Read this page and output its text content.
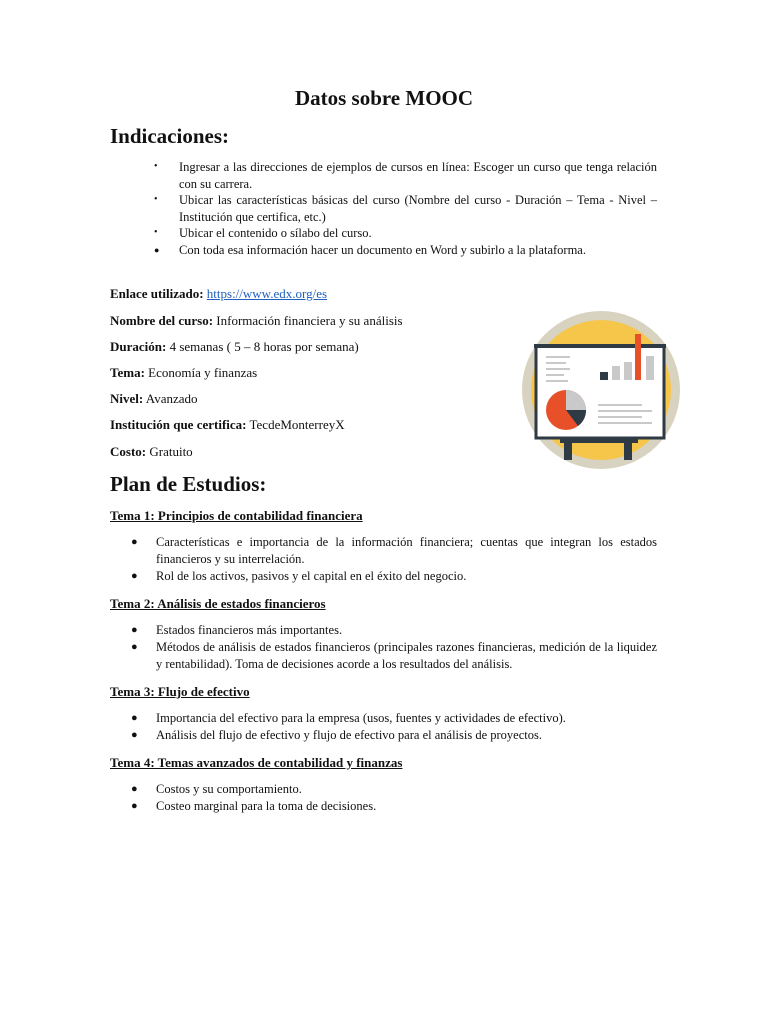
Datos sobre MOOC
Indicaciones:
• Ingresar a las direcciones de ejemplos de cursos en línea: Escoger un curso que tenga relación con su carrera.
• Ubicar las características básicas del curso (Nombre del curso - Duración – Tema - Nivel – Institución que certifica, etc.)
• Ubicar el contenido o sílabo del curso.
● Con toda esa información hacer un documento en Word y subirlo a la plataforma.
Enlace utilizado: https://www.edx.org/es
Nombre del curso: Información financiera y su análisis
Duración: 4 semanas ( 5 – 8 horas por semana)
Tema: Economía y finanzas
Nivel: Avanzado
Institución que certifica: TecdeMonterreyX
Costo: Gratuito
Plan de Estudios:
Tema 1: Principios de contabilidad financiera
● Características e importancia de la información financiera; cuentas que integran los estados financieros y su interrelación.
● Rol de los activos, pasivos y el capital en el éxito del negocio.
Tema 2: Análisis de estados financieros
● Estados financieros más importantes.
● Métodos de análisis de estados financieros (principales razones financieras, medición de la liquidez y rentabilidad). Toma de decisiones acorde a los resultados del análisis.
Tema 3: Flujo de efectivo
● Importancia del efectivo para la empresa (usos, fuentes y actividades de efectivo).
● Análisis del flujo de efectivo y flujo de efectivo para el análisis de proyectos.
Tema 4: Temas avanzados de contabilidad y finanzas
● Costos y su comportamiento.
● Costeo marginal para la toma de decisiones.
